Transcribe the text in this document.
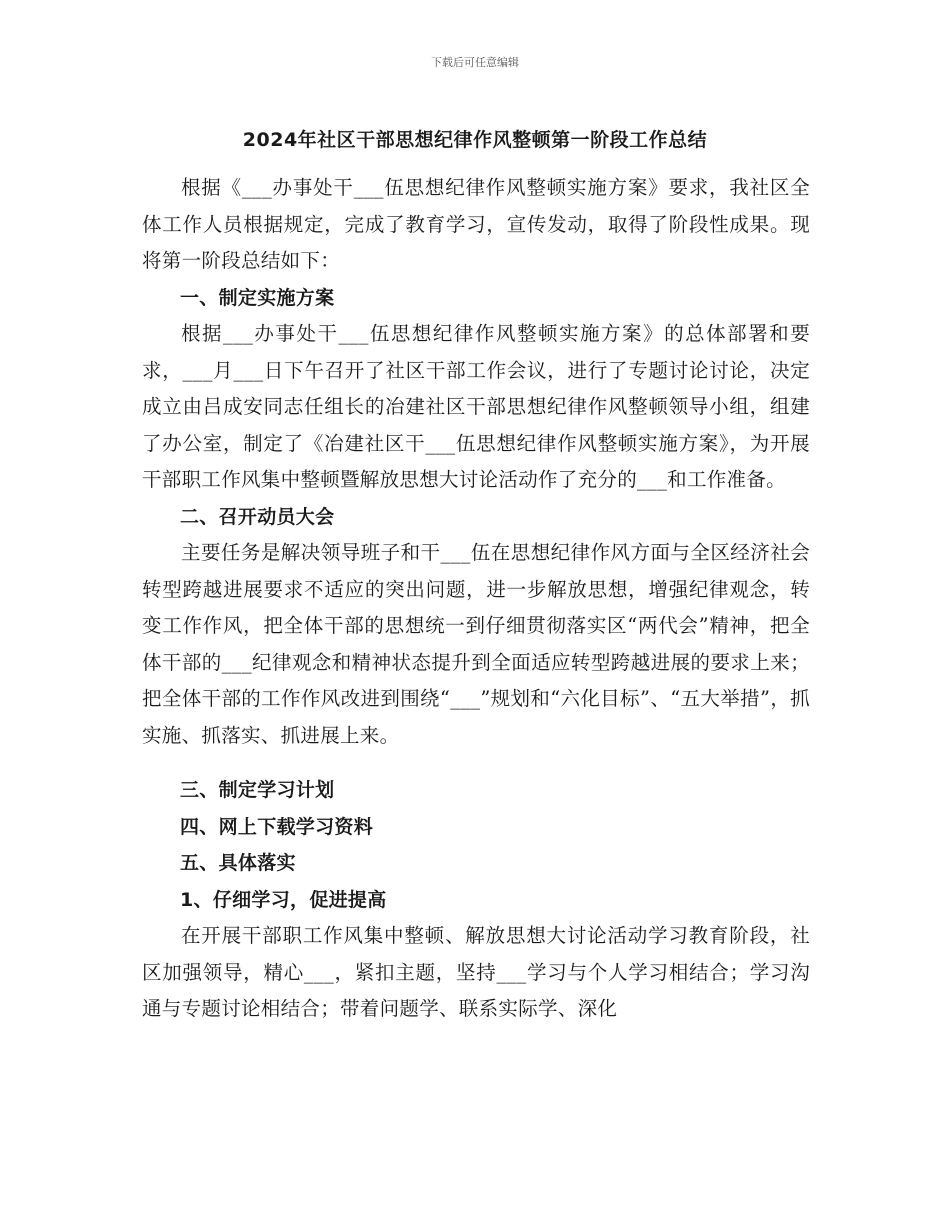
下载后可任意编辑
2024年社区干部思想纪律作风整顿第一阶段工作总结

根据《___办事处干___伍思想纪律作风整顿实施方案》要求，我社区全体工作人员根据规定，完成了教育学习，宣传发动，取得了阶段性成果。现将第一阶段总结如下：

一、制定实施方案

根据___办事处干___伍思想纪律作风整顿实施方案》的总体部署和要求，___月___日下午召开了社区干部工作会议，进行了专题讨论讨论，决定成立由吕成安同志任组长的冶建社区干部思想纪律作风整顿领导小组，组建了办公室，制定了《冶建社区干___伍思想纪律作风整顿实施方案》，为开展干部职工作风集中整顿暨解放思想大讨论活动作了充分的___和工作准备。

二、召开动员大会

主要任务是解决领导班子和干___伍在思想纪律作风方面与全区经济社会转型跨越进展要求不适应的突出问题，进一步解放思想，增强纪律观念，转变工作作风，把全体干部的思想统一到仔细贯彻落实区“两代会”精神，把全体干部的___纪律观念和精神状态提升到全面适应转型跨越进展的要求上来；把全体干部的工作作风改进到围绕“___”规划和“六化目标”、“五大举措”，抓实施、抓落实、抓进展上来。

三、制定学习计划
四、网上下载学习资料
五、具体落实
1、仔细学习，促进提高

在开展干部职工作风集中整顿、解放思想大讨论活动学习教育阶段，社区加强领导，精心___，紧扣主题，坚持___学习与个人学习相结合；学习沟通与专题讨论相结合；带着问题学、联系实际学、深化
